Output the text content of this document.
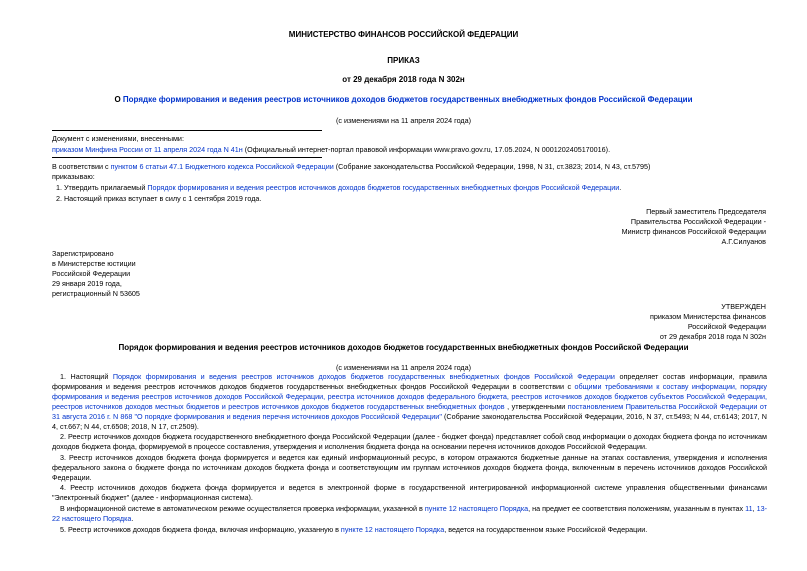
МИНИСТЕРСТВО ФИНАНСОВ РОССИЙСКОЙ ФЕДЕРАЦИИ
ПРИКАЗ
от 29 декабря 2018 года N 302н
О Порядке формирования и ведения реестров источников доходов бюджетов государственных внебюджетных фондов Российской Федерации
(с изменениями на 11 апреля 2024 года)
Документ с изменениями, внесенными:
приказом Минфина России от 11 апреля 2024 года N 41н (Официальный интернет-портал правовой информации www.pravo.gov.ru, 17.05.2024, N 0001202405170016).
В соответствии с пунктом 6 статьи 47.1 Бюджетного кодекса Российской Федерации (Собрание законодательства Российской Федерации, 1998, N 31, ст.3823; 2014, N 43, ст.5795)
приказываю:
1. Утвердить прилагаемый Порядок формирования и ведения реестров источников доходов бюджетов государственных внебюджетных фондов Российской Федерации.
2. Настоящий приказ вступает в силу с 1 сентября 2019 года.
Первый заместитель Председателя
Правительства Российской Федерации -
Министр финансов Российской Федерации
А.Г.Силуанов
Зарегистрировано
в Министерстве юстиции
Российской Федерации
29 января 2019 года,
регистрационный N 53605
УТВЕРЖДЕН
приказом Министерства финансов
Российской Федерации
от 29 декабря 2018 года N 302н
Порядок формирования и ведения реестров источников доходов бюджетов государственных внебюджетных фондов Российской Федерации
(с изменениями на 11 апреля 2024 года)
1. Настоящий Порядок формирования и ведения реестров источников доходов бюджетов государственных внебюджетных фондов Российской Федерации определяет состав информации, правила формирования и ведения реестров источников доходов бюджетов государственных внебюджетных фондов Российской Федерации в соответствии с общими требованиями к составу информации, порядку формирования и ведения реестров источников доходов Российской Федерации, реестра источников доходов федерального бюджета, реестров источников доходов бюджетов субъектов Российской Федерации, реестров источников доходов местных бюджетов и реестров источников доходов бюджетов государственных внебюджетных фондов , утвержденными постановлением Правительства Российской Федерации от 31 августа 2016 г. N 868 "О порядке формирования и ведения перечня источников доходов Российской Федерации" (Собрание законодательства Российской Федерации, 2016, N 37, ст.5493; N 44, ст.6143; 2017, N 4, ст.667; N 44, ст.6508; 2018, N 17, ст.2509).
2. Реестр источников доходов бюджета государственного внебюджетного фонда Российской Федерации (далее - бюджет фонда) представляет собой свод информации о доходах бюджета фонда по источникам доходов бюджета фонда, формируемой в процессе составления, утверждения и исполнения бюджета фонда на основании перечня источников доходов Российской Федерации.
3. Реестр источников доходов бюджета фонда формируется и ведется как единый информационный ресурс, в котором отражаются бюджетные данные на этапах составления, утверждения и исполнения федерального закона о бюджете фонда по источникам доходов бюджета фонда и соответствующим им группам источников доходов бюджета фонда, включенным в перечень источников доходов Российской Федерации.
4. Реестр источников доходов бюджета фонда формируется и ведется в электронной форме в государственной интегрированной информационной системе управления общественными финансами "Электронный бюджет" (далее - информационная система).
В информационной системе в автоматическом режиме осуществляется проверка информации, указанной в пункте 12 настоящего Порядка, на предмет ее соответствия положениям, указанным в пунктах 11, 13-22 настоящего Порядка.
5. Реестр источников доходов бюджета фонда, включая информацию, указанную в пункте 12 настоящего Порядка, ведется на государственном языке Российской Федерации.
